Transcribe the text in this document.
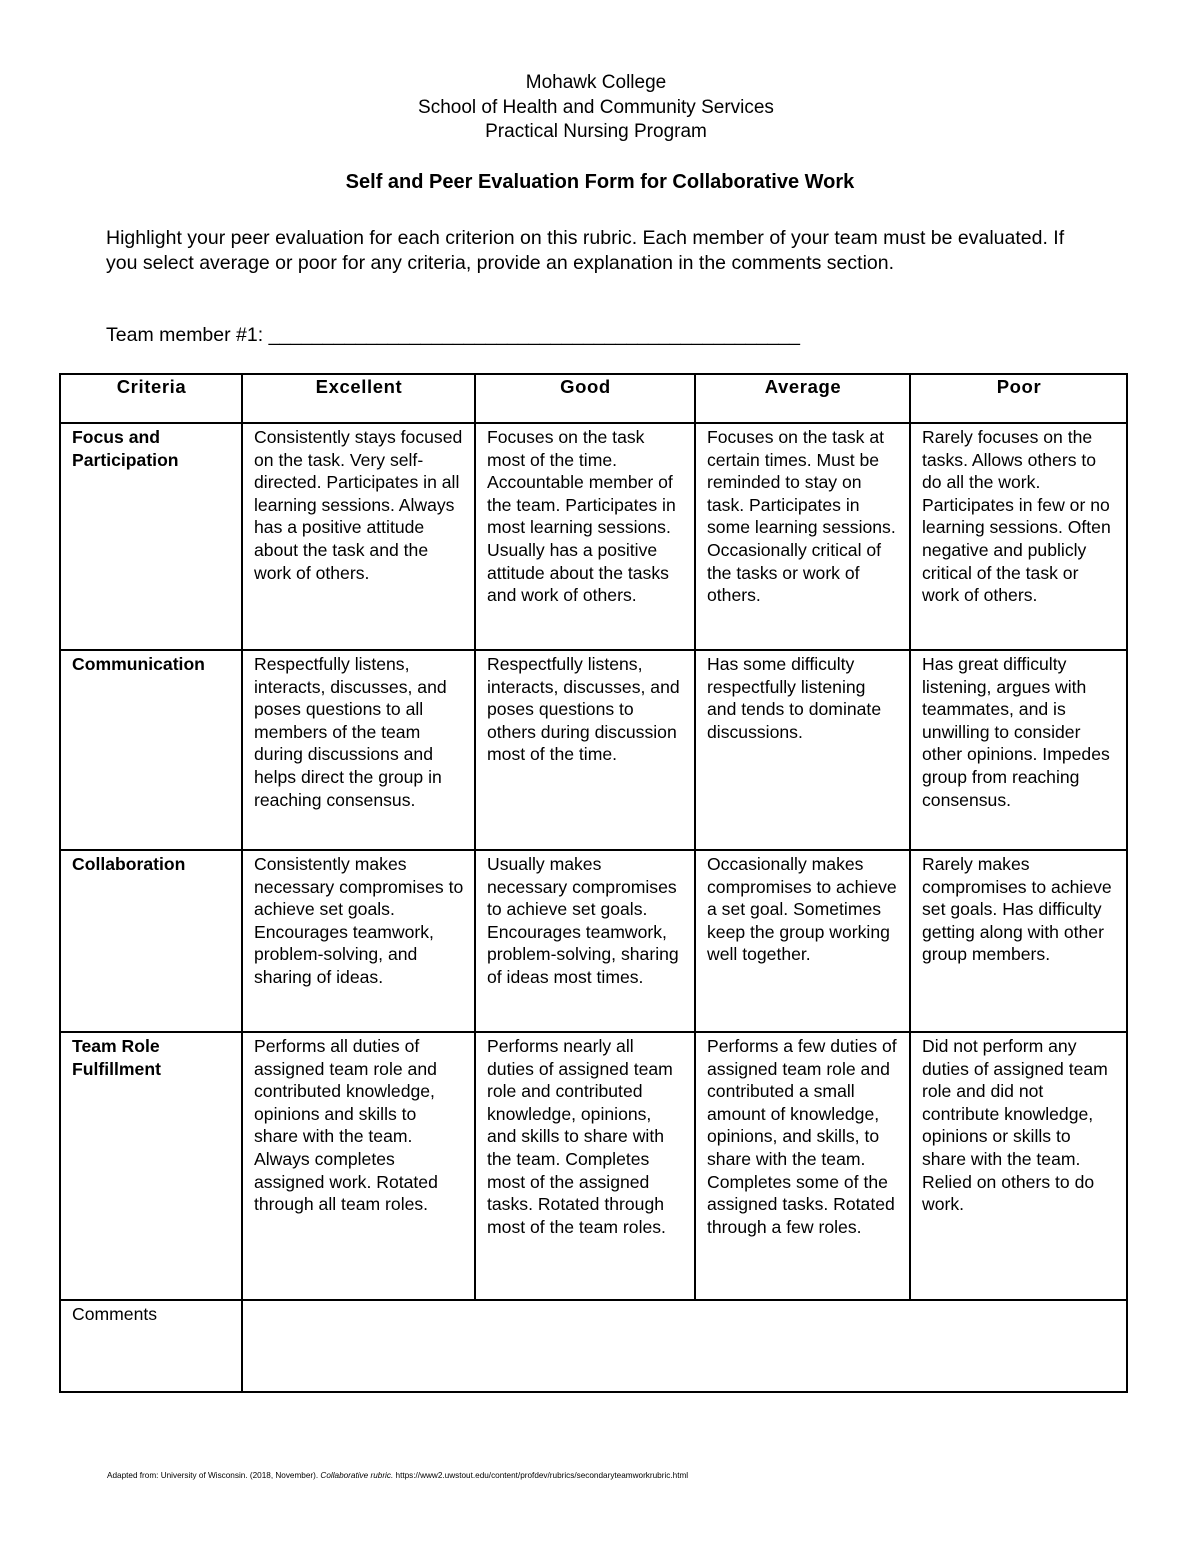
Mohawk College
School of Health and Community Services
Practical Nursing Program
Self and Peer Evaluation Form for Collaborative Work
Highlight your peer evaluation for each criterion on this rubric. Each member of your team must be evaluated. If you select average or poor for any criteria, provide an explanation in the comments section.
Team member #1: _________________________________________________
Criteria	Excellent	Good	Average	Poor
Focus and Participation	Consistently stays focused on the task. Very self-directed. Participates in all learning sessions. Always has a positive attitude about the task and the work of others.	Focuses on the task most of the time. Accountable member of the team. Participates in most learning sessions. Usually has a positive attitude about the tasks and work of others.	Focuses on the task at certain times. Must be reminded to stay on task. Participates in some learning sessions. Occasionally critical of the tasks or work of others.	Rarely focuses on the tasks. Allows others to do all the work. Participates in few or no learning sessions. Often negative and publicly critical of the task or work of others.
Communication	Respectfully listens, interacts, discusses, and poses questions to all members of the team during discussions and helps direct the group in reaching consensus.	Respectfully listens, interacts, discusses, and poses questions to others during discussion most of the time.	Has some difficulty respectfully listening and tends to dominate discussions.	Has great difficulty listening, argues with teammates, and is unwilling to consider other opinions. Impedes group from reaching consensus.
Collaboration	Consistently makes necessary compromises to achieve set goals. Encourages teamwork, problem-solving, and sharing of ideas.	Usually makes necessary compromises to achieve set goals. Encourages teamwork, problem-solving, sharing of ideas most times.	Occasionally makes compromises to achieve a set goal. Sometimes keep the group working well together.	Rarely makes compromises to achieve set goals. Has difficulty getting along with other group members.
Team Role Fulfillment	Performs all duties of assigned team role and contributed knowledge, opinions and skills to share with the team. Always completes assigned work. Rotated through all team roles.	Performs nearly all duties of assigned team role and contributed knowledge, opinions, and skills to share with the team. Completes most of the assigned tasks. Rotated through most of the team roles.	Performs a few duties of assigned team role and contributed a small amount of knowledge, opinions, and skills, to share with the team. Completes some of the assigned tasks. Rotated through a few roles.	Did not perform any duties of assigned team role and did not contribute knowledge, opinions or skills to share with the team. Relied on others to do work.
Comments				
Adapted from: University of Wisconsin. (2018, November). Collaborative rubric. https://www2.uwstout.edu/content/profdev/rubrics/secondaryteamworkrubric.html
